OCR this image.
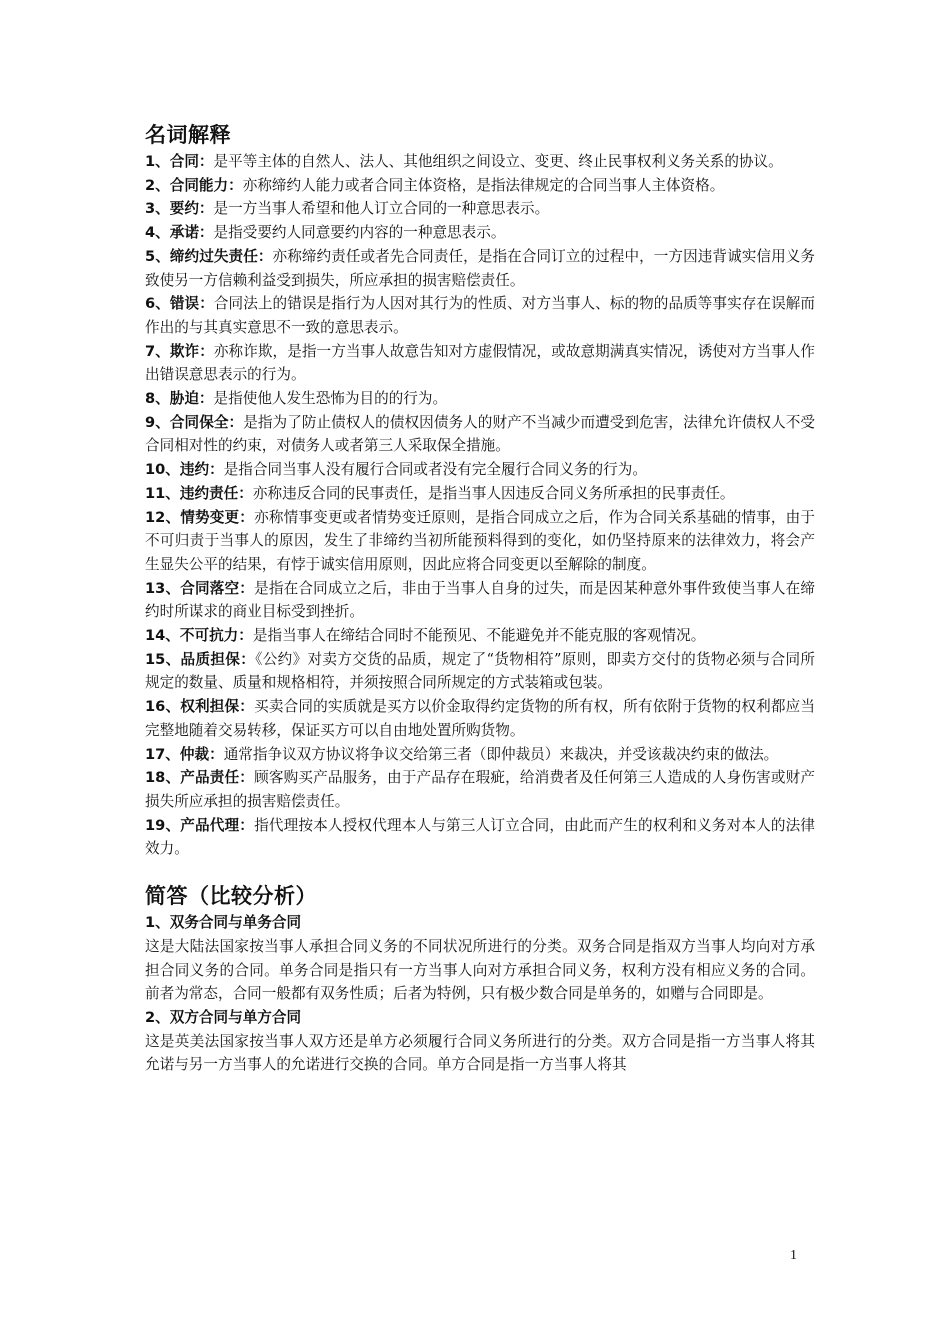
名词解释

1、合同：是平等主体的自然人、法人、其他组织之间设立、变更、终止民事权利义务关系的协议。

2、合同能力：亦称缔约人能力或者合同主体资格，是指法律规定的合同当事人主体资格。

3、要约：是一方当事人希望和他人订立合同的一种意思表示。

4、承诺：是指受要约人同意要约内容的一种意思表示。

5、缔约过失责任：亦称缔约责任或者先合同责任，是指在合同订立的过程中，一方因违背诚实信用义务致使另一方信赖利益受到损失，所应承担的损害赔偿责任。

6、错误：合同法上的错误是指行为人因对其行为的性质、对方当事人、标的物的品质等事实存在误解而作出的与其真实意思不一致的意思表示。

7、欺诈：亦称诈欺，是指一方当事人故意告知对方虚假情况，或故意期满真实情况，诱使对方当事人作出错误意思表示的行为。

8、胁迫：是指使他人发生恐怖为目的的行为。

9、合同保全：是指为了防止债权人的债权因债务人的财产不当减少而遭受到危害，法律允许债权人不受合同相对性的约束，对债务人或者第三人采取保全措施。

10、违约：是指合同当事人没有履行合同或者没有完全履行合同义务的行为。

11、违约责任：亦称违反合同的民事责任，是指当事人因违反合同义务所承担的民事责任。

12、情势变更：亦称情事变更或者情势变迁原则，是指合同成立之后，作为合同关系基础的情事，由于不可归责于当事人的原因，发生了非缔约当初所能预料得到的变化，如仍坚持原来的法律效力，将会产生显失公平的结果，有悖于诚实信用原则，因此应将合同变更以至解除的制度。

13、合同落空：是指在合同成立之后，非由于当事人自身的过失，而是因某种意外事件致使当事人在缔约时所谋求的商业目标受到挫折。

14、不可抗力：是指当事人在缔结合同时不能预见、不能避免并不能克服的客观情况。

15、品质担保：《公约》对卖方交货的品质，规定了“货物相符”原则，即卖方交付的货物必须与合同所规定的数量、质量和规格相符，并须按照合同所规定的方式装箱或包装。

16、权利担保：买卖合同的实质就是买方以价金取得约定货物的所有权，所有依附于货物的权利都应当完整地随着交易转移，保证买方可以自由地处置所购货物。

17、仲裁：通常指争议双方协议将争议交给第三者（即仲裁员）来裁决，并受该裁决约束的做法。

18、产品责任：顾客购买产品服务，由于产品存在瑕疵，给消费者及任何第三人造成的人身伤害或财产损失所应承担的损害赔偿责任。

19、产品代理：指代理按本人授权代理本人与第三人订立合同，由此而产生的权利和义务对本人的法律效力。

简答（比较分析）

1、双务合同与单务合同

这是大陆法国家按当事人承担合同义务的不同状况所进行的分类。双务合同是指双方当事人均向对方承担合同义务的合同。单务合同是指只有一方当事人向对方承担合同义务，权利方没有相应义务的合同。前者为常态，合同一般都有双务性质；后者为特例，只有极少数合同是单务的，如赠与合同即是。

2、双方合同与单方合同

这是英美法国家按当事人双方还是单方必须履行合同义务所进行的分类。双方合同是指一方当事人将其允诺与另一方当事人的允诺进行交换的合同。单方合同是指一方当事人将其

1
